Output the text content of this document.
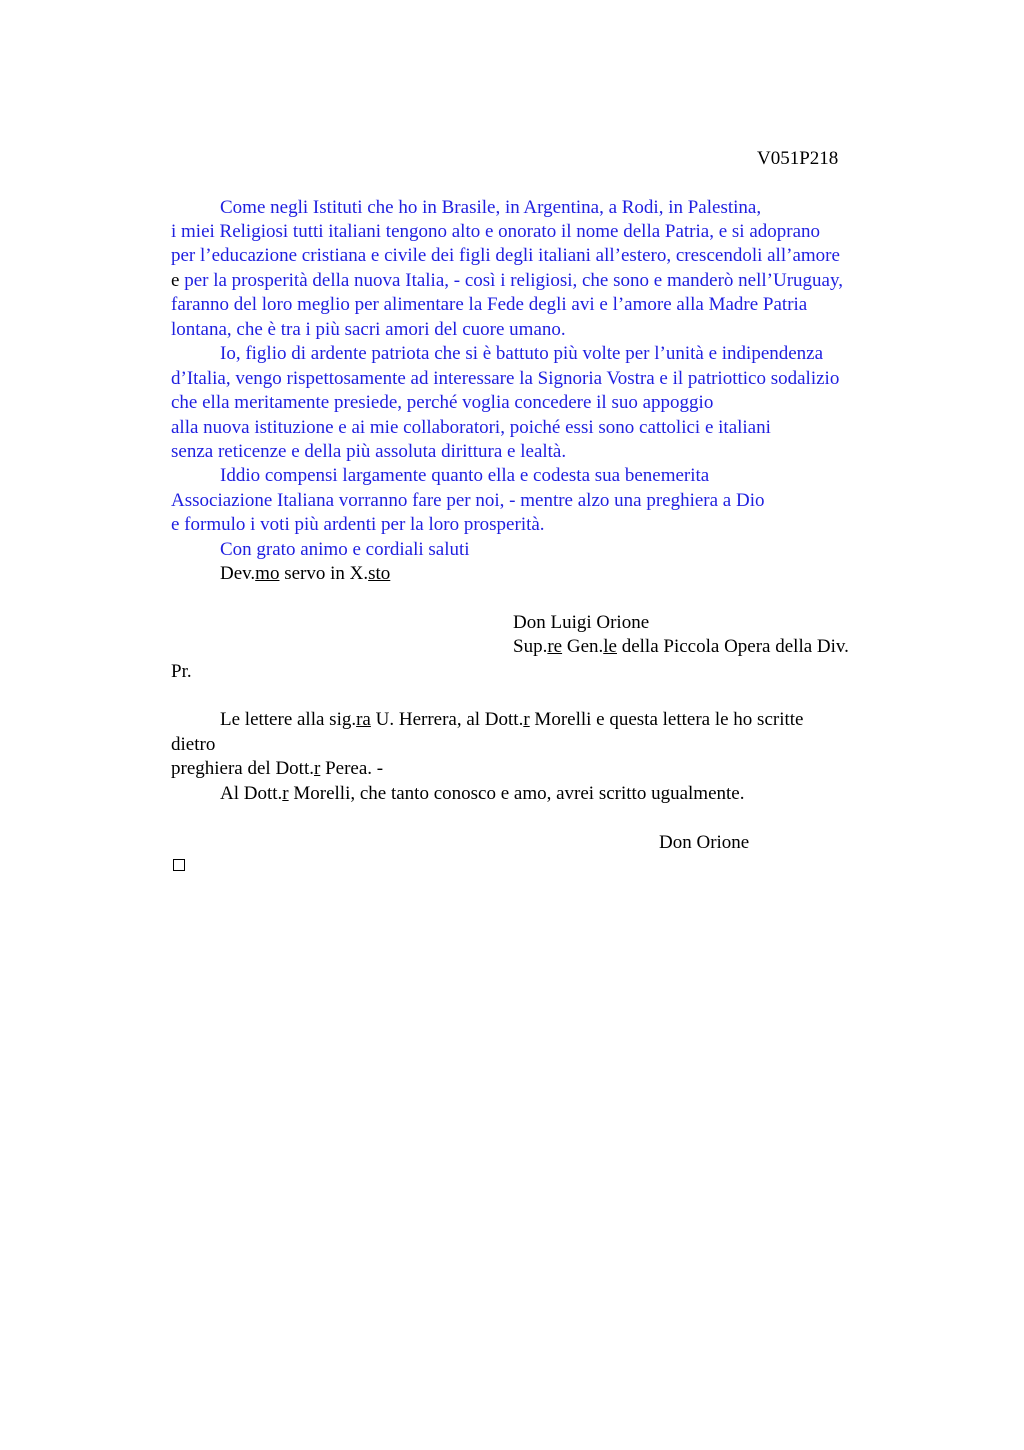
V051P218
Come negli Istituti che ho in Brasile, in Argentina, a Rodi, in Palestina,
i miei Religiosi tutti italiani tengono alto e onorato il nome della Patria, e si adoprano
per l’educazione cristiana e civile dei figli degli italiani all’estero, crescendoli all’amore
e per la prosperità della nuova Italia, - così i religiosi, che sono e manderò nell’Uruguay,
faranno del loro meglio per alimentare la Fede degli avi e l’amore alla Madre Patria
lontana, che è tra i più sacri amori del cuore umano.
Io, figlio di ardente patriota che si è battuto più volte per l’unità e indipendenza
d’Italia, vengo rispettosamente ad interessare la Signoria Vostra e il patriottico sodalizio
che ella meritamente presiede, perché voglia concedere il suo appoggio
alla nuova istituzione e ai mie collaboratori, poiché essi sono cattolici e italiani
senza reticenze e della più assoluta dirittura e lealtà.
Iddio compensi largamente quanto ella e codesta sua benemerita
Associazione Italiana vorranno fare per noi, - mentre alzo una preghiera a Dio
e formulo i voti più ardenti per la loro prosperità.
Con grato animo e cordiali saluti
Dev.mo servo in X.sto
Don Luigi Orione
Sup.re Gen.le della Piccola Opera della Div.
Pr.
Le lettere alla sig.ra U. Herrera, al Dott.r Morelli e questa lettera le ho scritte
dietro
preghiera del Dott.r Perea. -
Al Dott.r Morelli, che tanto conosco e amo, avrei scritto ugualmente.
Don Orione
